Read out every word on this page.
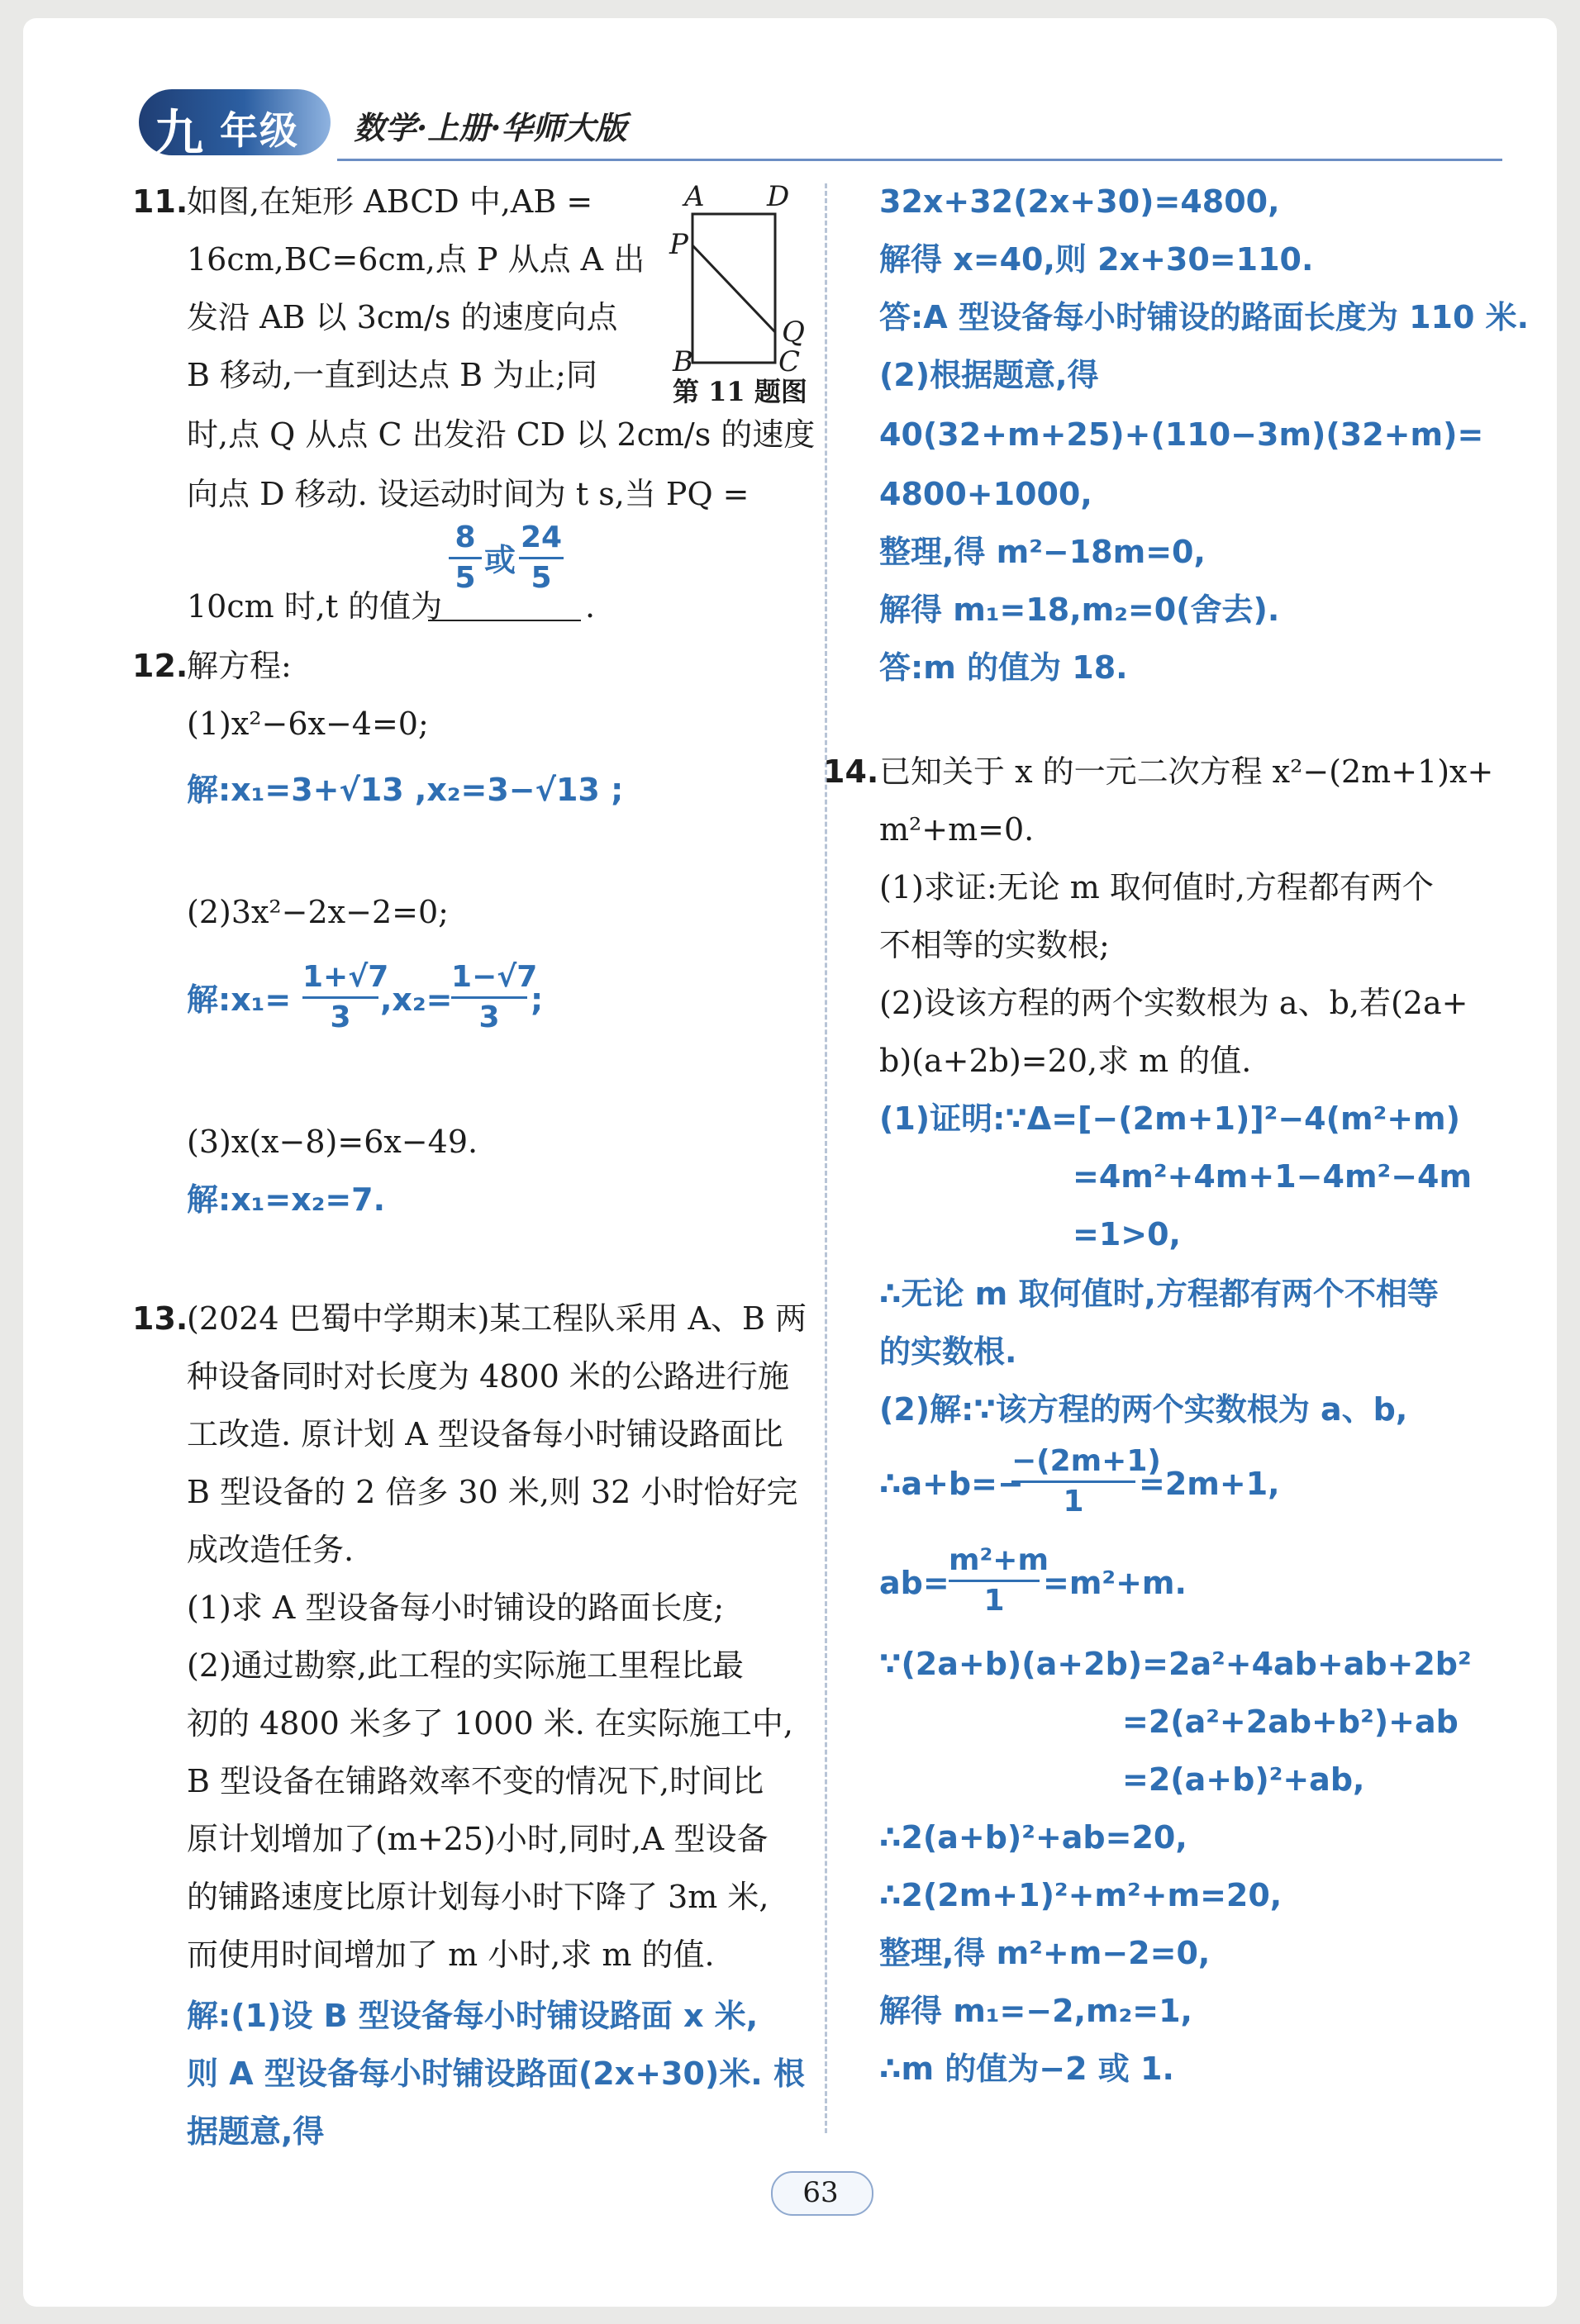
九 年级 数学·上册·华师大版
11.
如图,在矩形 ABCD 中,AB =
16cm,BC=6cm,点 P 从点 A 出
发沿 AB 以 3cm/s 的速度向点
B 移动,一直到达点 B 为止;同
时,点 Q 从点 C 出发沿 CD 以 2cm/s 的速度
向点 D 移动. 设运动时间为 t s,当 PQ =
10cm 时,t 的值为
8
5 或
24
5
.
A D
P
Q
B	C
第 11 题图
12.
解方程:
(1)x²−6x−4=0;
解:x₁=3+√13 ,x₂=3−√13 ;
(2)3x²−2x−2=0;
解:x₁=
1+√7
3 ,x₂=
1−√7
3 ;
(3)x(x−8)=6x−49.
解:x₁=x₂=7.
13.
(2024 巴蜀中学期末)某工程队采用 A、B 两
种设备同时对长度为 4800 米的公路进行施
工改造. 原计划 A 型设备每小时铺设路面比
B 型设备的 2 倍多 30 米,则 32 小时恰好完
成改造任务.
(1)求 A 型设备每小时铺设的路面长度;
(2)通过勘察,此工程的实际施工里程比最
初的 4800 米多了 1000 米. 在实际施工中,
B 型设备在铺路效率不变的情况下,时间比
原计划增加了(m+25)小时,同时,A 型设备
的铺路速度比原计划每小时下降了 3m 米,
而使用时间增加了 m 小时,求 m 的值.
解:(1)设 B 型设备每小时铺设路面 x 米,
则 A 型设备每小时铺设路面(2x+30)米. 根
据题意,得
32x+32(2x+30)=4800,
解得 x=40,则 2x+30=110.
答:A 型设备每小时铺设的路面长度为 110 米.
(2)根据题意,得
40(32+m+25)+(110−3m)(32+m)=
4800+1000,
整理,得 m²−18m=0,
解得 m₁=18,m₂=0(舍去).
答:m 的值为 18.
14. 已知关于 x 的一元二次方程 x²−(2m+1)x+
m²+m=0.
(1)求证:无论 m 取何值时,方程都有两个
不相等的实数根;
(2)设该方程的两个实数根为 a、b,若(2a+
b)(a+2b)=20,求 m 的值.
(1)证明:∵Δ=[−(2m+1)]²−4(m²+m)
=4m²+4m+1−4m²−4m
=1>0,
∴无论 m 取何值时,方程都有两个不相等
的实数根.
(2)解:∵该方程的两个实数根为 a、b,
∴a+b=−
−(2m+1)
1	=2m+1,
ab=
m²+m
1	=m²+m.
∵(2a+b)(a+2b)=2a²+4ab+ab+2b²
=2(a²+2ab+b²)+ab
=2(a+b)²+ab,
∴2(a+b)²+ab=20,
∴2(2m+1)²+m²+m=20,
整理,得 m²+m−2=0,
解得 m₁=−2,m₂=1,
∴m 的值为−2 或 1.
63
